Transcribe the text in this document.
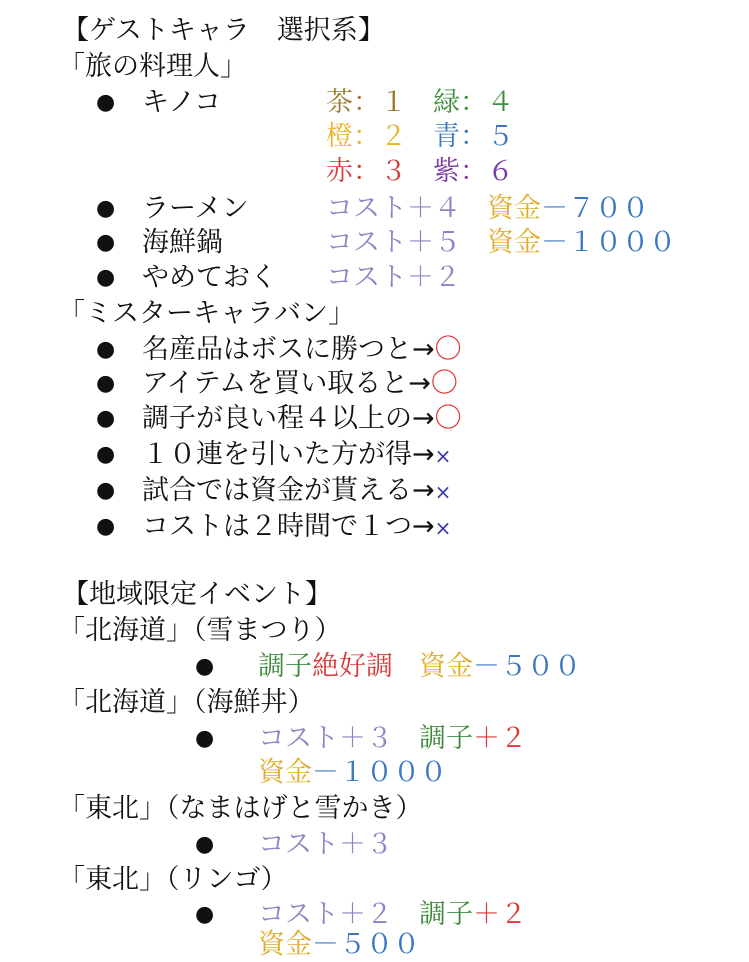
【ゲストキャラ　選択系】
「旅の料理人」
● キノコ	茶：１ 緑：４
橙：２ 青：５
赤：３ 紫：６
● ラーメン	コスト＋４ 資金－７００
● 海鮮鍋	コスト＋５ 資金－１０００
● やめておく コスト＋２
「ミスターキャラバン」
● 名産品はボスに勝つと→〇
● アイテムを買い取ると→〇
● 調子が良い程４以上の→〇
● １０連を引いた方が得→×
● 試合では資金が貰える→×
● コストは２時間で１つ→×
【地域限定イベント】
「北海道」（雪まつり）
● 調子絶好調 資金－５００
「北海道」（海鮮丼）
● コスト＋３ 調子＋２
資金－１０００
「東北」（なまはげと雪かき）
● コスト＋３
「東北」（リンゴ）
● コスト＋２ 調子＋２
資金－５００
